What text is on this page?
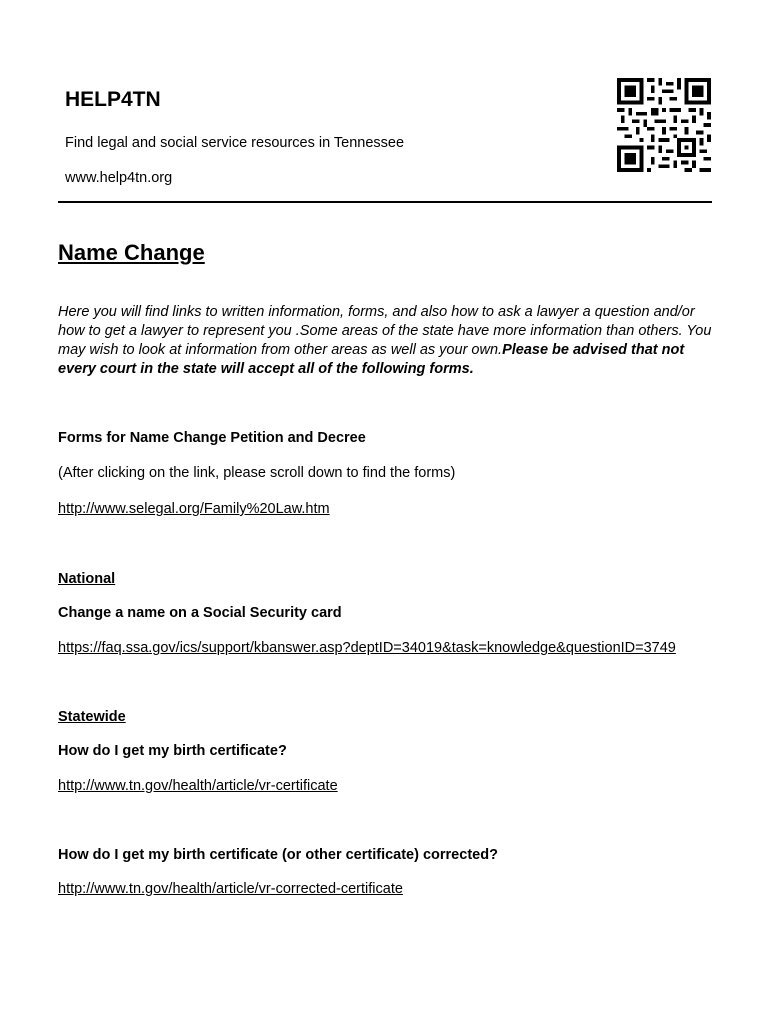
HELP4TN
Find legal and social service resources in Tennessee
www.help4tn.org
Name Change

Here you will find links to written information, forms, and also how to ask a lawyer a question and/or how to get a lawyer to represent you .Some areas of the state have more information than others. You may wish to look at information from other areas as well as your own.Please be advised that not every court in the state will accept all of the following forms.

Forms for Name Change Petition and Decree
(After clicking on the link, please scroll down to find the forms)
http://www.selegal.org/Family%20Law.htm
National
Change a name on a Social Security card
https://faq.ssa.gov/ics/support/kbanswer.asp?deptID=34019&task=knowledge&questionID=3749
Statewide
How do I get my birth certificate?
http://www.tn.gov/health/article/vr-certificate
How do I get my birth certificate (or other certificate) corrected?
http://www.tn.gov/health/article/vr-corrected-certificate
